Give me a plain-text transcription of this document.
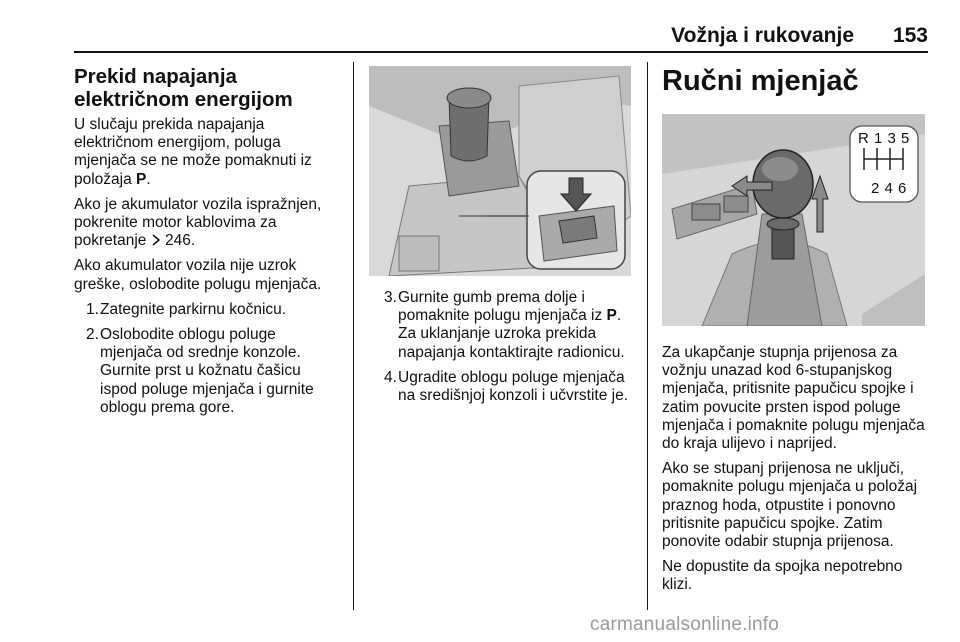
Vožnja i rukovanje 153
Prekid napajanja
električnom energijom

U slučaju prekida napajanja električnom energijom, poluga mjenjača se ne može pomaknuti iz položaja P.

Ako je akumulator vozila ispražnjen, pokrenite motor kablovima za pokretanje  246.

Ako akumulator vozila nije uzrok greške, oslobodite polugu mjenjača.

1. Zategnite parkirnu kočnicu.
2. Oslobodite oblogu poluge mjenjača od srednje konzole. Gurnite prst u kožnatu čašicu ispod poluge mjenjača i gurnite oblogu prema gore.
3. Gurnite gumb prema dolje i pomaknite polugu mjenjača iz P. Za uklanjanje uzroka prekida napajanja kontaktirajte radionicu.
4. Ugradite oblogu poluge mjenjača na središnjoj konzoli i učvrstite je.
Ručni mjenjač
R 1 3 5
2 4 6

Za ukapčanje stupnja prijenosa za vožnju unazad kod 6-stupanjskog mjenjača, pritisnite papučicu spojke i zatim povucite prsten ispod poluge mjenjača i pomaknite polugu mjenjača do kraja ulijevo i naprijed.

Ako se stupanj prijenosa ne uključi, pomaknite polugu mjenjača u položaj praznog hoda, otpustite i ponovno pritisnite papučicu spojke. Zatim ponovite odabir stupnja prijenosa.

Ne dopustite da spojka nepotrebno klizi.

carmanualsonline.info
